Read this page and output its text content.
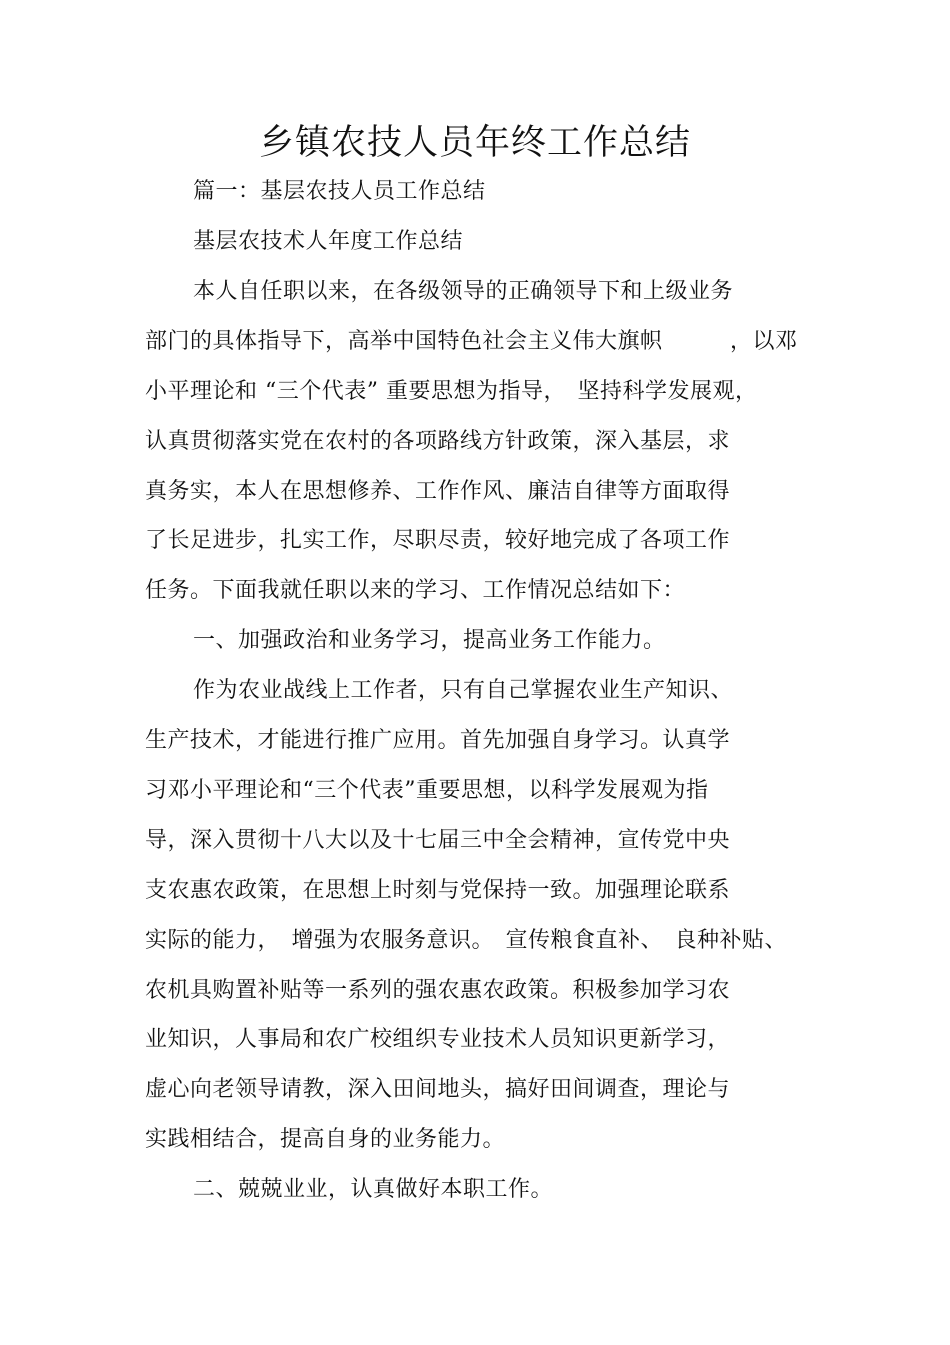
乡镇农技人员年终工作总结

篇一：基层农技人员工作总结

基层农技术人年度工作总结

本人自任职以来，在各级领导的正确领导下和上级业务

部门的具体指导下，高举中国特色社会主义伟大旗帜　　　，以邓

小平理论和 “三个代表” 重要思想为指导，　坚持科学发展观，

认真贯彻落实党在农村的各项路线方针政策，深入基层，求

真务实，本人在思想修养、工作作风、廉洁自律等方面取得

了长足进步，扎实工作，尽职尽责，较好地完成了各项工作

任务。下面我就任职以来的学习、工作情况总结如下：

一、加强政治和业务学习，提高业务工作能力。

作为农业战线上工作者，只有自己掌握农业生产知识、

生产技术，才能进行推广应用。首先加强自身学习。认真学

习邓小平理论和“三个代表”重要思想，以科学发展观为指

导，深入贯彻十八大以及十七届三中全会精神，宣传党中央

支农惠农政策，在思想上时刻与党保持一致。加强理论联系

实际的能力，　增强为农服务意识。　宣传粮食直补、　良种补贴、

农机具购置补贴等一系列的强农惠农政策。积极参加学习农

业知识，人事局和农广校组织专业技术人员知识更新学习，

虚心向老领导请教，深入田间地头，搞好田间调查，理论与

实践相结合，提高自身的业务能力。

二、兢兢业业，认真做好本职工作。
